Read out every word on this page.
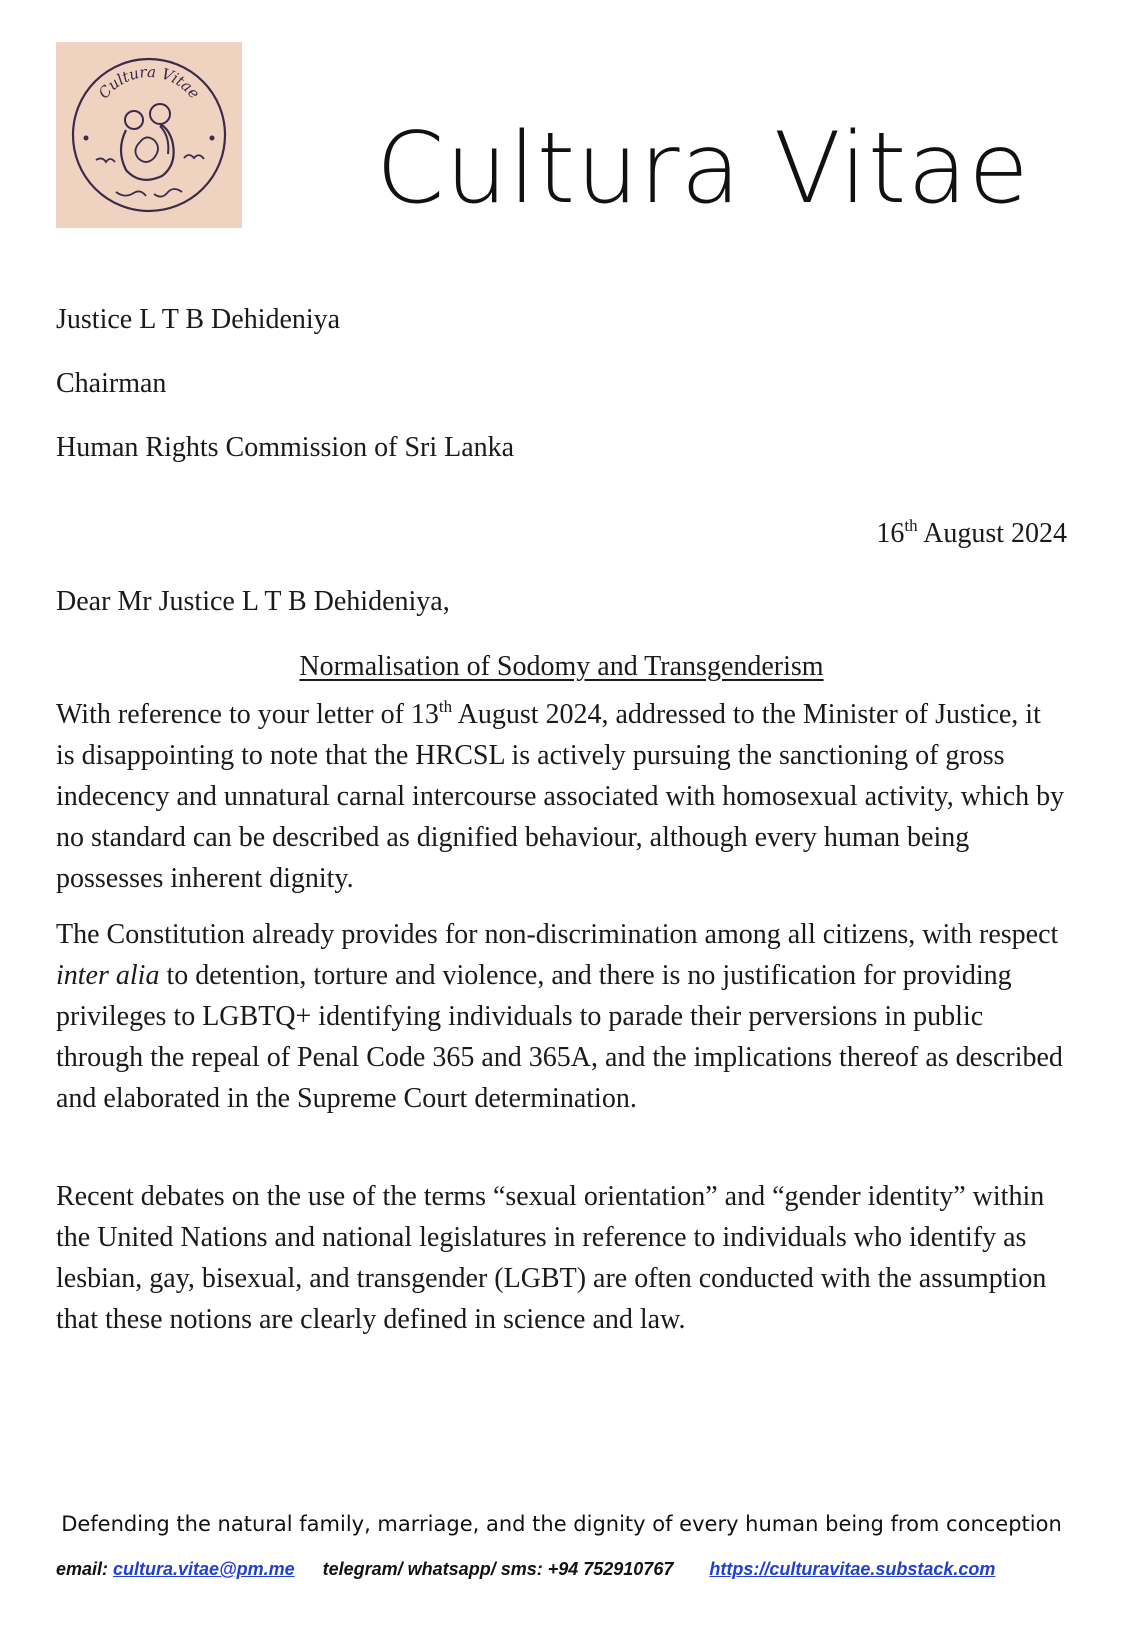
Cultura Vitae
Cultura Vitae
Justice L T B Dehideniya
Chairman
Human Rights Commission of Sri Lanka
16th August 2024
Dear Mr Justice L T B Dehideniya,
Normalisation of Sodomy and Transgenderism

With reference to your letter of 13th August 2024, addressed to the Minister of Justice, it is disappointing to note that the HRCSL is actively pursuing the sanctioning of gross indecency and unnatural carnal intercourse associated with homosexual activity, which by no standard can be described as dignified behaviour, although every human being possesses inherent dignity.

The Constitution already provides for non-discrimination among all citizens, with respect inter alia to detention, torture and violence, and there is no justification for providing privileges to LGBTQ+ identifying individuals to parade their perversions in public through the repeal of Penal Code 365 and 365A, and the implications thereof as described and elaborated in the Supreme Court determination.

Recent debates on the use of the terms “sexual orientation” and “gender identity” within the United Nations and national legislatures in reference to individuals who identify as lesbian, gay, bisexual, and transgender (LGBT) are often conducted with the assumption that these notions are clearly defined in science and law.

Defending the natural family, marriage, and the dignity of every human being from conception
email: cultura.vitae@pm.me telegram/ whatsapp/ sms: +94 752910767 https://culturavitae.substack.com
